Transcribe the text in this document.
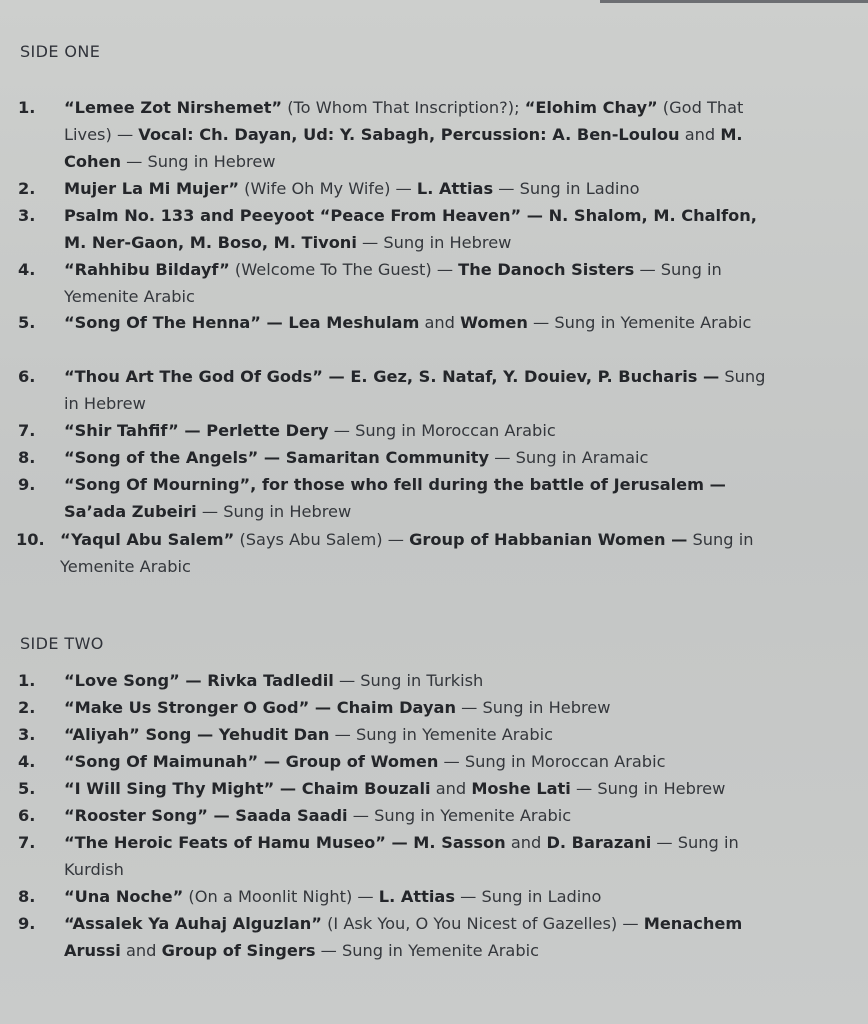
SIDE ONE
1. “Lemee Zot Nirshemet” (To Whom That Inscription?); “Elohim Chay” (God That Lives) — Vocal: Ch. Dayan, Ud: Y. Sabagh, Percussion: A. Ben-Loulou and M. Cohen — Sung in Hebrew
2. Mujer La Mi Mujer” (Wife Oh My Wife) — L. Attias — Sung in Ladino
3. Psalm No. 133 and Peeyoot “Peace From Heaven” — N. Shalom, M. Chalfon, M. Ner-Gaon, M. Boso, M. Tivoni — Sung in Hebrew
4. “Rahhibu Bildayf” (Welcome To The Guest) — The Danoch Sisters — Sung in Yemenite Arabic
5. “Song Of The Henna” — Lea Meshulam and Women — Sung in Yemenite Arabic
6. “Thou Art The God Of Gods” — E. Gez, S. Nataf, Y. Douiev, P. Bucharis — Sung in Hebrew
7. “Shir Tahfif” — Perlette Dery — Sung in Moroccan Arabic
8. “Song of the Angels” — Samaritan Community — Sung in Aramaic
9. “Song Of Mourning”, for those who fell during the battle of Jerusalem — Sa’ada Zubeiri — Sung in Hebrew
10. “Yaqul Abu Salem” (Says Abu Salem) — Group of Habbanian Women — Sung in Yemenite Arabic
SIDE TWO
1. “Love Song” — Rivka Tadledil — Sung in Turkish
2. “Make Us Stronger O God” — Chaim Dayan — Sung in Hebrew
3. “Aliyah” Song — Yehudit Dan — Sung in Yemenite Arabic
4. “Song Of Maimunah” — Group of Women — Sung in Moroccan Arabic
5. “I Will Sing Thy Might” — Chaim Bouzali and Moshe Lati — Sung in Hebrew
6. “Rooster Song” — Saada Saadi — Sung in Yemenite Arabic
7. “The Heroic Feats of Hamu Museo” — M. Sasson and D. Barazani — Sung in Kurdish
8. “Una Noche” (On a Moonlit Night) — L. Attias — Sung in Ladino
9. “Assalek Ya Auhaj Alguzlan” (I Ask You, O You Nicest of Gazelles) — Menachem Arussi and Group of Singers — Sung in Yemenite Arabic
